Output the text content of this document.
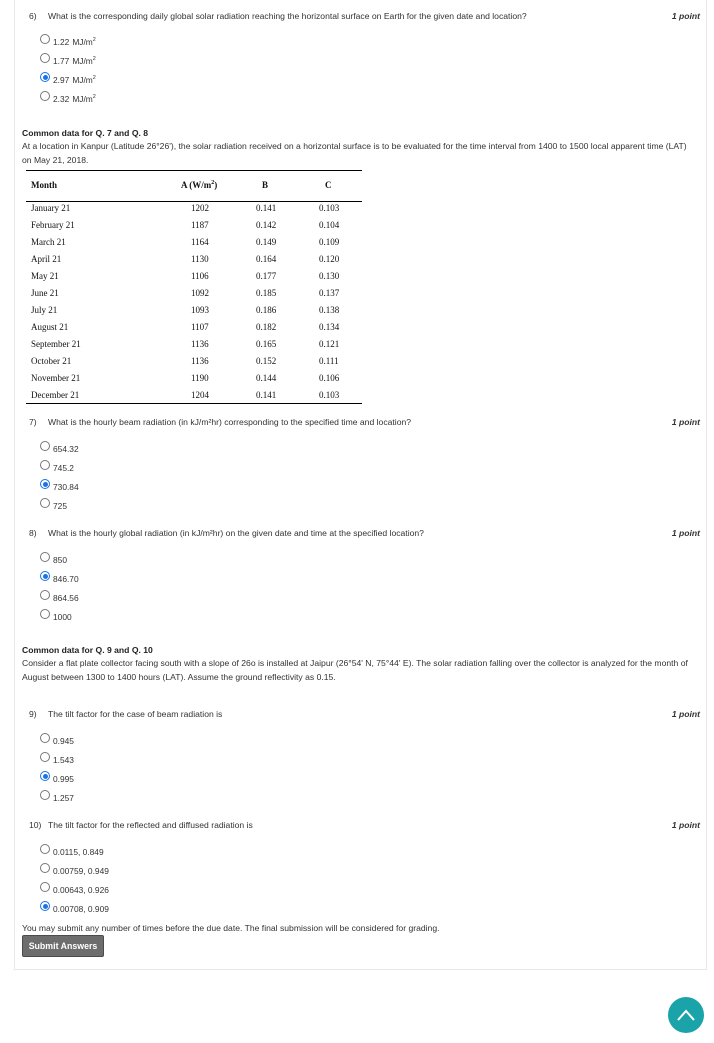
6) What is the corresponding daily global solar radiation reaching the horizontal surface on Earth for the given date and location?	1 point
1.22 $MJ/m^2$
1.77 $MJ/m^2$
2.97 $MJ/m^2$
2.32 $MJ/m^2$
Common data for Q. 7 and Q. 8
At a location in Kanpur (Latitude 26°26'), the solar radiation received on a horizontal surface is to be evaluated for the time interval from 1400 to 1500 local apparent time (LAT) on May 21, 2018.
Month	A $(W/m^2)$	B	C
January 21	1202	0.141	0.103
February 21	1187	0.142	0.104
March 21	1164	0.149	0.109
April 21	1130	0.164	0.120
May 21	1106	0.177	0.130
June 21	1092	0.185	0.137
July 21	1093	0.186	0.138
August 21	1107	0.182	0.134
September 21	1136	0.165	0.121
October 21	1136	0.152	0.111
November 21	1190	0.144	0.106
December 21	1204	0.141	0.103
7) What is the hourly beam radiation (in kJ/m²hr) corresponding to the specified time and location?	1 point
654.32
745.2
730.84
725
8) What is the hourly global radiation (in kJ/m²hr) on the given date and time at the specified location?	1 point
850
846.70
864.56
1000
Common data for Q. 9 and Q. 10
Consider a flat plate collector facing south with a slope of 26o is installed at Jaipur (26°54' N, 75°44' E). The solar radiation falling over the collector is analyzed for the month of August between 1300 to 1400 hours (LAT). Assume the ground reflectivity as 0.15.
9) The tilt factor for the case of beam radiation is	1 point
0.945
1.543
0.995
1.257
10) The tilt factor for the reflected and diffused radiation is	1 point
0.0115, 0.849
0.00759, 0.949
0.00643, 0.926
0.00708, 0.909
You may submit any number of times before the due date. The final submission will be considered for grading.
Submit Answers
